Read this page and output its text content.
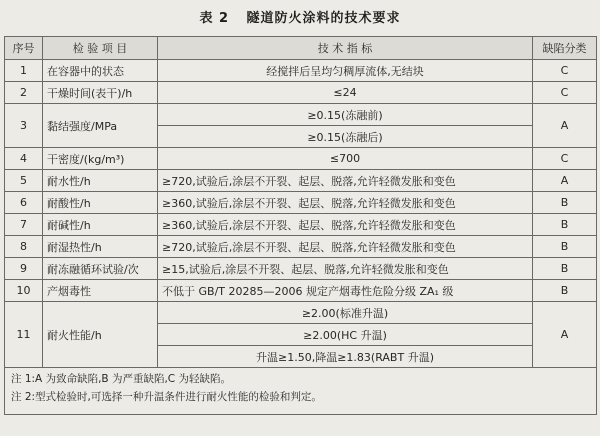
表 2 隧道防火涂料的技术要求
序号	检 验 项 目	技 术 指 标	缺陷分类
1	在容器中的状态	经搅拌后呈均匀稠厚流体,无结块	C
2	干燥时间(表干)/h	≤24	C
3	黏结强度/MPa	≥0.15(冻融前)	A
		≥0.15(冻融后)	
4	干密度/(kg/m³)	≤700	C
5	耐水性/h	≥720,试验后,涂层不开裂、起层、脱落,允许轻微发胀和变色	A
6	耐酸性/h	≥360,试验后,涂层不开裂、起层、脱落,允许轻微发胀和变色	B
7	耐碱性/h	≥360,试验后,涂层不开裂、起层、脱落,允许轻微发胀和变色	B
8	耐湿热性/h	≥720,试验后,涂层不开裂、起层、脱落,允许轻微发胀和变色	B
9	耐冻融循环试验/次	≥15,试验后,涂层不开裂、起层、脱落,允许轻微发胀和变色	B
10	产烟毒性	不低于 GB/T 20285—2006 规定产烟毒性危险分级 ZA₁ 级	B
11	耐火性能/h	≥2.00(标准升温)	A
		≥2.00(HC 升温)	
		升温≥1.50,降温≥1.83(RABT 升温)	

注 1:A 为致命缺陷,B 为严重缺陷,C 为轻缺陷。
注 2:型式检验时,可选择一种升温条件进行耐火性能的检验和判定。			
